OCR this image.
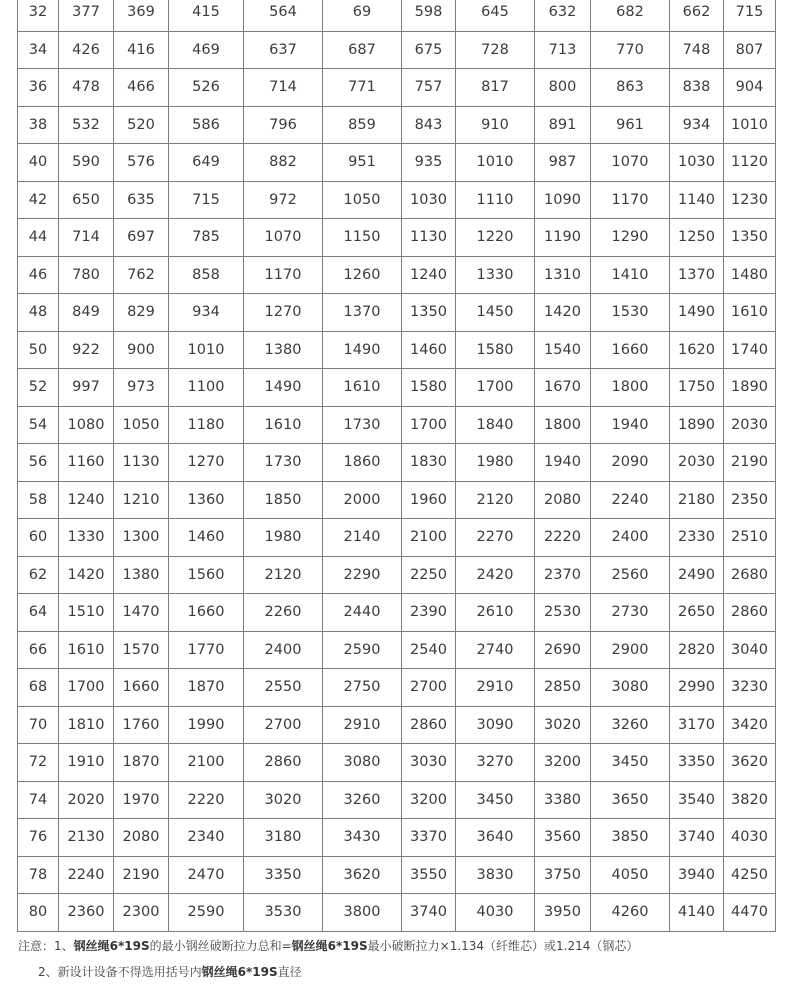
32	377	369	415	564	69	598	645	632	682	662	715
34	426	416	469	637	687	675	728	713	770	748	807
36	478	466	526	714	771	757	817	800	863	838	904
38	532	520	586	796	859	843	910	891	961	934	1010
40	590	576	649	882	951	935	1010	987	1070	1030	1120
42	650	635	715	972	1050	1030	1110	1090	1170	1140	1230
44	714	697	785	1070	1150	1130	1220	1190	1290	1250	1350
46	780	762	858	1170	1260	1240	1330	1310	1410	1370	1480
48	849	829	934	1270	1370	1350	1450	1420	1530	1490	1610
50	922	900	1010	1380	1490	1460	1580	1540	1660	1620	1740
52	997	973	1100	1490	1610	1580	1700	1670	1800	1750	1890
54	1080	1050	1180	1610	1730	1700	1840	1800	1940	1890	2030
56	1160	1130	1270	1730	1860	1830	1980	1940	2090	2030	2190
58	1240	1210	1360	1850	2000	1960	2120	2080	2240	2180	2350
60	1330	1300	1460	1980	2140	2100	2270	2220	2400	2330	2510
62	1420	1380	1560	2120	2290	2250	2420	2370	2560	2490	2680
64	1510	1470	1660	2260	2440	2390	2610	2530	2730	2650	2860
66	1610	1570	1770	2400	2590	2540	2740	2690	2900	2820	3040
68	1700	1660	1870	2550	2750	2700	2910	2850	3080	2990	3230
70	1810	1760	1990	2700	2910	2860	3090	3020	3260	3170	3420
72	1910	1870	2100	2860	3080	3030	3270	3200	3450	3350	3620
74	2020	1970	2220	3020	3260	3200	3450	3380	3650	3540	3820
76	2130	2080	2340	3180	3430	3370	3640	3560	3850	3740	4030
78	2240	2190	2470	3350	3620	3550	3830	3750	4050	3940	4250
80	2360	2300	2590	3530	3800	3740	4030	3950	4260	4140	4470
注意：1、钢丝绳6*19S的最小钢丝破断拉力总和=钢丝绳6*19S最小破断拉力×1.134（纤维芯）或1.214（钢芯）
2、新设计设备不得选用括号内钢丝绳6*19S直径
